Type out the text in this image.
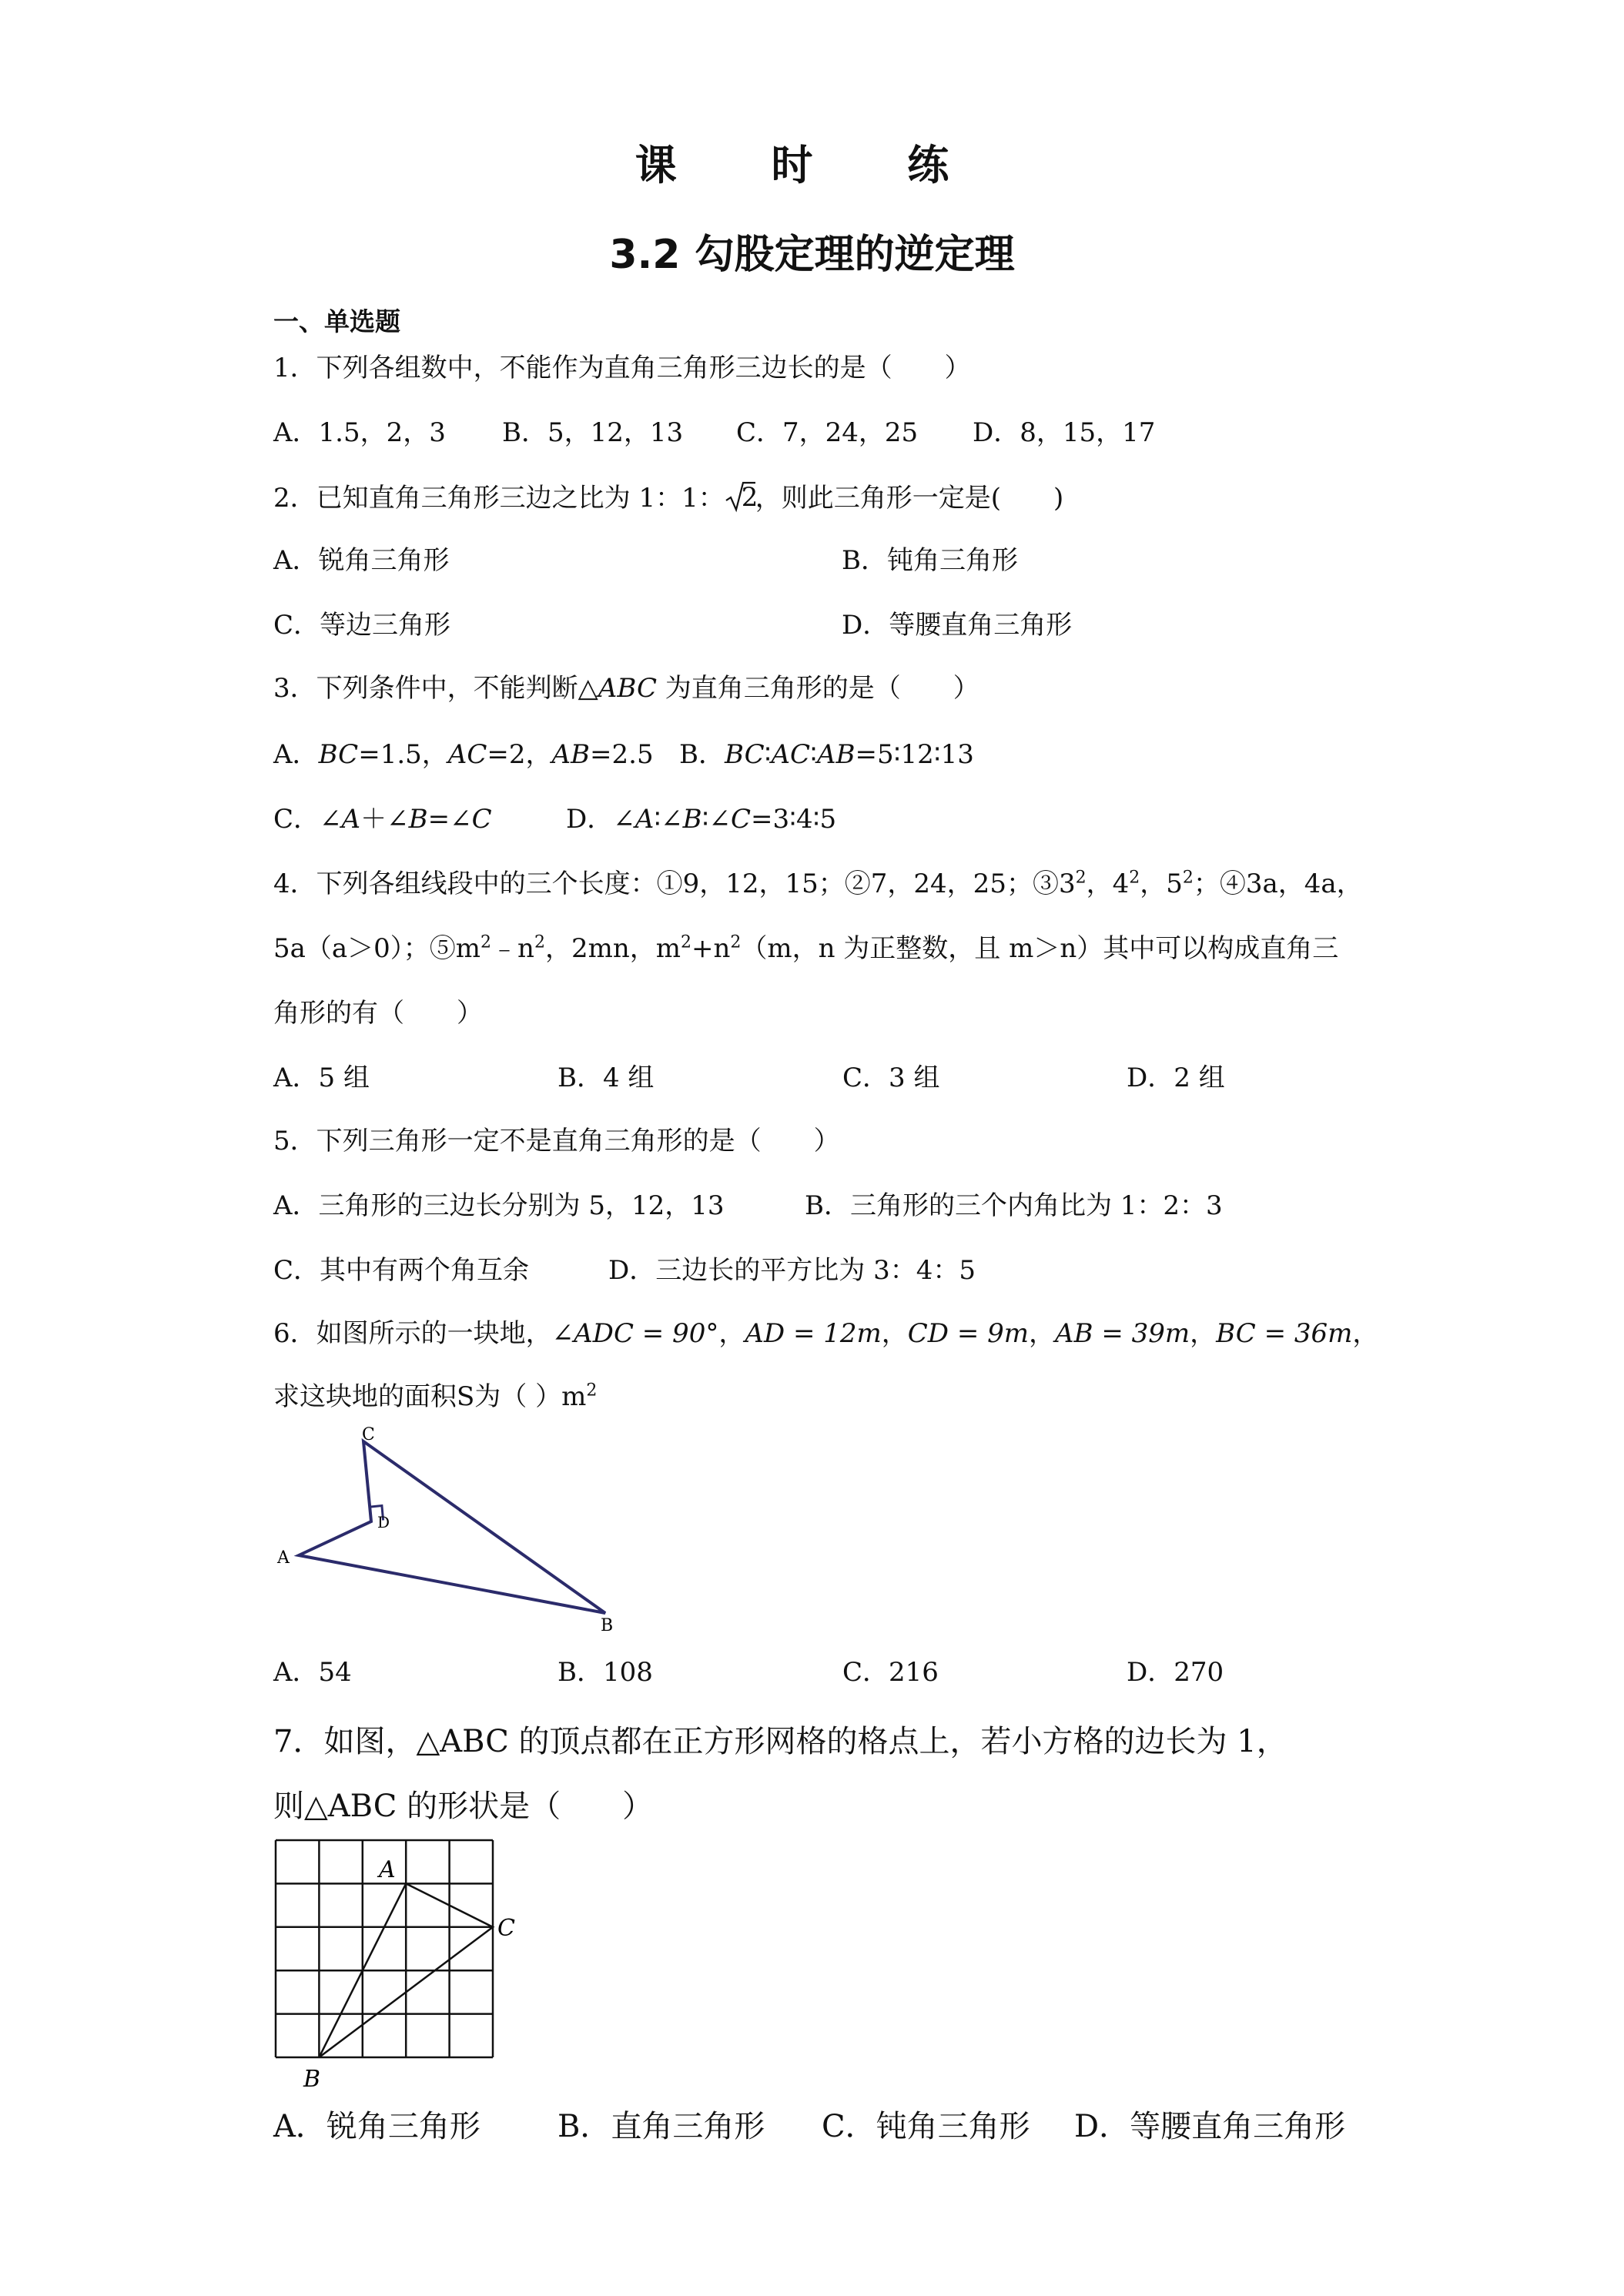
课 时 练
3.2 勾股定理的逆定理
一、单选题
1．下列各组数中，不能作为直角三角形三边长的是（　　）
A．1.5，2，3 B．5，12，13 C．7，24，25 D．8，15，17
2．已知直角三角形三边之比为 1：1： 2
，则此三角形一定是(　　)
A．锐角三角形	B．钝角三角形
C．等边三角形	D．等腰直角三角形
3．下列条件中，不能判断△ABC 为直角三角形的是（　　）
A．BC=1.5，AC=2，AB=2.5 B．BC∶AC∶AB=5∶12∶13
C．∠A＋∠B=∠C	D．∠A∶∠B∶∠C=3∶4∶5
4．下列各组线段中的三个长度：①9，12，15；②7，24，25；$③3^2$，$4^2$，$5^2$；④3a，4a，
5a（a＞0）；$⑤m^2﹣n^2$，2mn，$m^2+n^2(m$，n 为正整数，且 m＞n）其中可以构成直角三
角形的有（　　）
A．5 组	B．4 组	C．3 组	D．2 组
5．下列三角形一定不是直角三角形的是（　　）
A．三角形的三边长分别为 5，12，13	B．三角形的三个内角比为 1：2：3
C．其中有两个角互余	D．三边长的平方比为 3：4：5
6．如图所示的一块地，∠ADC = 90°，AD = 12m，CD = 9m，AB = 39m，BC = 36m，
求这块地的面积S为（ ）$m^2$
C
D
A
B
A．54	B．108	C．216	D．270
7．如图，△ABC 的顶点都在正方形网格的格点上，若小方格的边长为 1，
则△ABC 的形状是（　　）
A
C
B
A．锐角三角形	B．直角三角形 C．钝角三角形 D．等腰直角三角形
